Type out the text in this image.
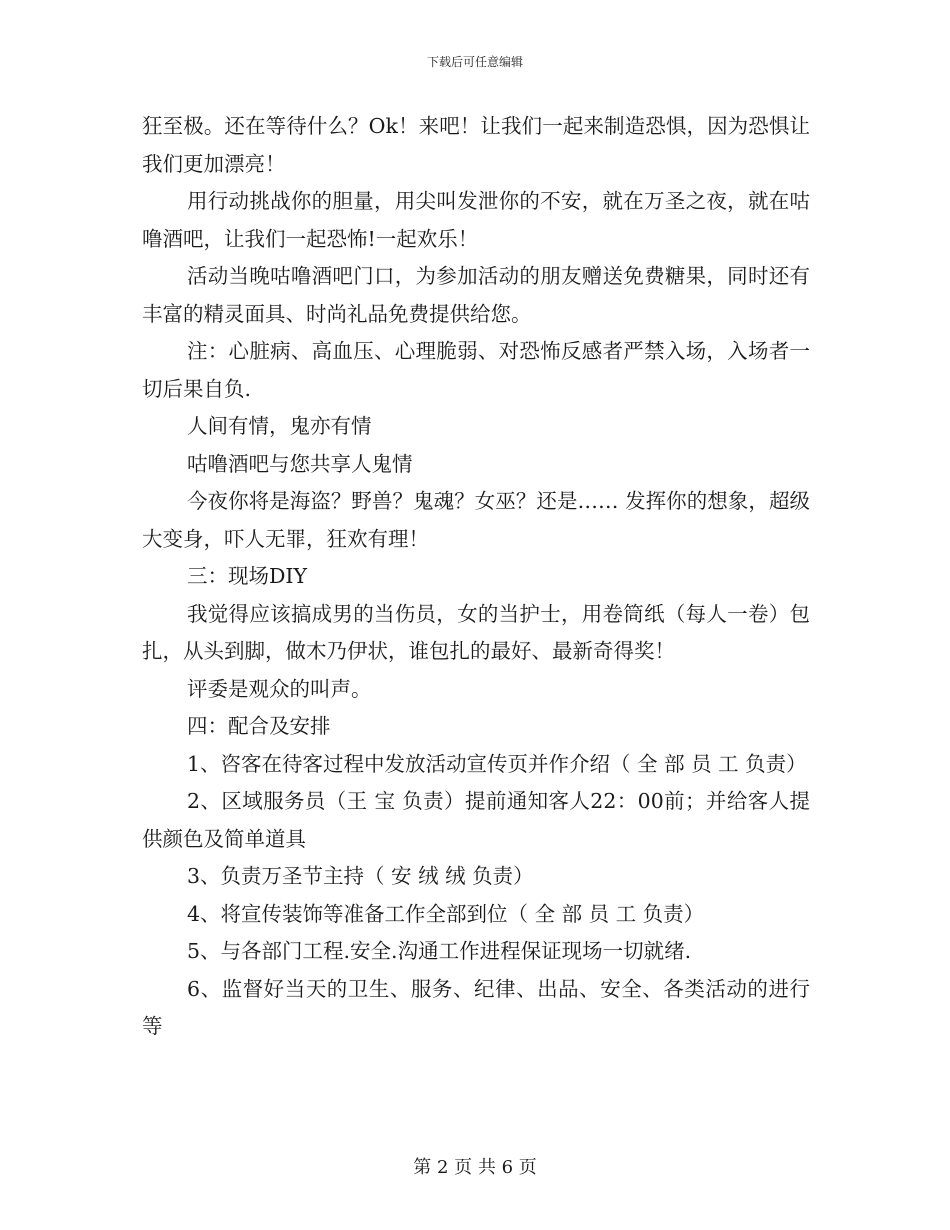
下载后可任意编辑

狂至极。还在等待什么？Ok！来吧！让我们一起来制造恐惧，因为恐惧让我们更加漂亮！

用行动挑战你的胆量，用尖叫发泄你的不安，就在万圣之夜，就在咕噜酒吧，让我们一起恐怖!一起欢乐！

活动当晚咕噜酒吧门口，为参加活动的朋友赠送免费糖果，同时还有丰富的精灵面具、时尚礼品免费提供给您。

注：心脏病、高血压、心理脆弱、对恐怖反感者严禁入场，入场者一切后果自负.

人间有情，鬼亦有情

咕噜酒吧与您共享人鬼情

今夜你将是海盗？野兽？鬼魂？女巫？还是…… 发挥你的想象，超级大变身，吓人无罪，狂欢有理！

三：现场DIY

我觉得应该搞成男的当伤员，女的当护士，用卷筒纸（每人一卷）包扎，从头到脚，做木乃伊状，谁包扎的最好、最新奇得奖！

评委是观众的叫声。

四：配合及安排

1、咨客在待客过程中发放活动宣传页并作介绍（ 全 部 员 工 负责）

2、区域服务员（王 宝 负责）提前通知客人22：00前；并给客人提供颜色及简单道具

3、负责万圣节主持（ 安 绒 绒 负责）

4、将宣传装饰等准备工作全部到位（ 全 部 员 工 负责）

5、与各部门工程.安全.沟通工作进程保证现场一切就绪.

6、监督好当天的卫生、服务、纪律、出品、安全、各类活动的进行等

第 2 页 共 6 页
